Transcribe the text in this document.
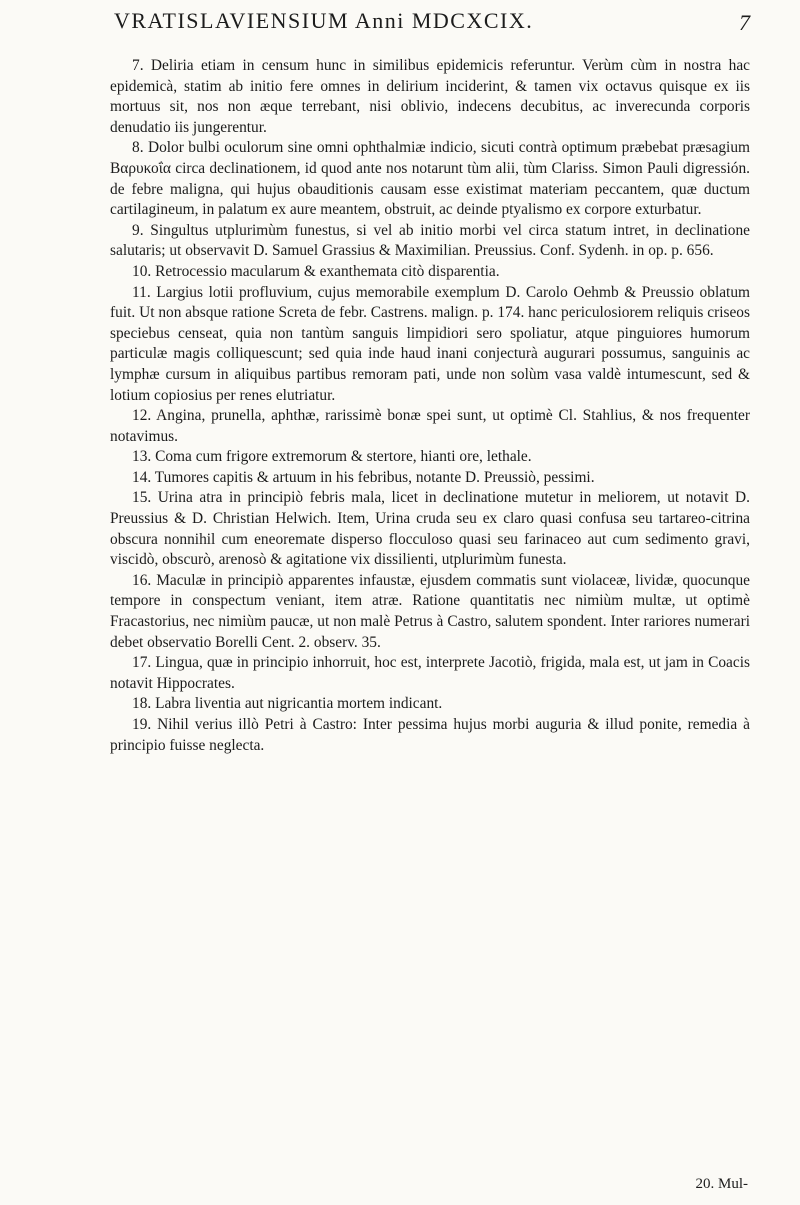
VRATISLAVIENSIUM Anni MDCXCIX.	7

7. Deliria etiam in censum hunc in similibus epidemicis referuntur. Verùm cùm in nostra hac epidemicà, statim ab initio fere omnes in delirium inciderint, & tamen vix octavus quisque ex iis mortuus sit, nos non æque terrebant, nisi oblivio, indecens decubitus, ac inverecunda corporis denudatio iis jungerentur.

8. Dolor bulbi oculorum sine omni ophthalmiæ indicio, sicuti contrà optimum præbebat præsagium Βαρυκοΐα circa declinationem, id quod ante nos notarunt tùm alii, tùm Clariss. Simon Pauli digressión. de febre maligna, qui hujus obauditionis causam esse existimat materiam peccantem, quæ ductum cartilagineum, in palatum ex aure meantem, obstruit, ac deinde ptyalismo ex corpore exturbatur.

9. Singultus utplurimùm funestus, si vel ab initio morbi vel circa statum intret, in declinatione salutaris; ut observavit D. Samuel Grassius & Maximilian. Preussius. Conf. Sydenh. in op. p. 656.

10. Retrocessio macularum & exanthemata citò disparentia.

11. Largius lotii profluvium, cujus memorabile exemplum D. Carolo Oehmb & Preussio oblatum fuit. Ut non absque ratione Screta de febr. Castrens. malign. p. 174. hanc periculosiorem reliquis criseos speciebus censeat, quia non tantùm sanguis limpidiori sero spoliatur, atque pinguiores humorum particulæ magis colliquescunt; sed quia inde haud inani conjecturà augurari possumus, sanguinis ac lymphæ cursum in aliquibus partibus remoram pati, unde non solùm vasa valdè intumescunt, sed & lotium copiosius per renes elutriatur.

12. Angina, prunella, aphthæ, rarissimè bonæ spei sunt, ut optimè Cl. Stahlius, & nos frequenter notavimus.

13. Coma cum frigore extremorum & stertore, hianti ore, lethale.

14. Tumores capitis & artuum in his febribus, notante D. Preussiò, pessimi.

15. Urina atra in principiò febris mala, licet in declinatione mutetur in meliorem, ut notavit D. Preussius & D. Christian Helwich. Item, Urina cruda seu ex claro quasi confusa seu tartareo-citrina obscura nonnihil cum eneoremate disperso flocculoso quasi seu farinaceo aut cum sedimento gravi, viscidò, obscurò, arenosò & agitatione vix dissilienti, utplurimùm funesta.

16. Maculæ in principiò apparentes infaustæ, ejusdem commatis sunt violaceæ, lividæ, quocunque tempore in conspectum veniant, item atræ. Ratione quantitatis nec nimiùm multæ, ut optimè Fracastorius, nec nimiùm paucæ, ut non malè Petrus à Castro, salutem spondent. Inter rariores numerari debet observatio Borelli Cent. 2. observ. 35.

17. Lingua, quæ in principio inhorruit, hoc est, interprete Jacotiò, frigida, mala est, ut jam in Coacis notavit Hippocrates.

18. Labra liventia aut nigricantia mortem indicant.

19. Nihil verius illò Petri à Castro: Inter pessima hujus morbi auguria & illud ponite, remedia à principio fuisse neglecta.

20. Mul-
